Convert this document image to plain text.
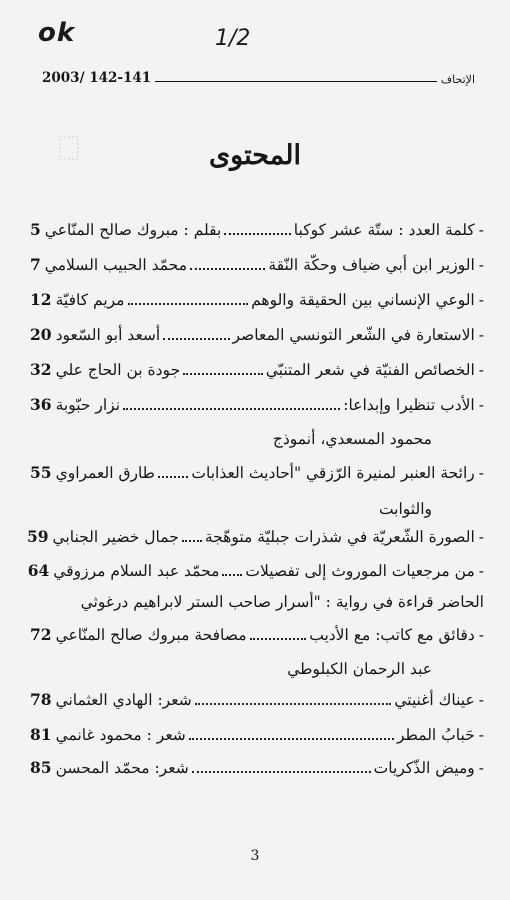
ok	1/2
2003/ 142-141	الإتحاف
المحتوى
-
كلمة العدد : ستّة عشر كوكبا
بقلم : مبروك صالح المنّاعي
5
-
الوزير ابن أبي ضياف وحكّة النّقة
محمّد الحبيب السلامي
7
-
الوعي الإنساني بين الحقيقة والوهم
مريم كافيّة
12
-
الاستعارة في الشّعر التونسي المعاصر
أسعد أبو السّعود
20
-
الخصائص الفنيّة في شعر المتنبّي
جودة بن الحاج علي
32
-
الأدب تنظيرا وإبداعا:
نزار حبّوبة
36
محمود المسعدي، أنموذج
-
رائحة العنبر لمنيرة الرّزقي "أحاديث العذابات
طارق العمراوي
55
والثوابت
-
الصورة الشّعريّة في شذرات جبليّة متوهّجة
جمال خضير الجنابي
59
-
من مرجعيات الموروث إلى تفصيلات
محمّد عبد السلام مرزوقي
64
الحاضر قراءة في رواية : "أسرار صاحب الستر لابراهيم درغوثي
-
دقائق مع كاتب: مع الأديب
مصافحة مبروك صالح المنّاعي
72
عبد الرحمان الكبلوطي
-
عيناك أغنيتي
شعر: الهادي العثماني
78
-
حَبابُ المطر
شعر : محمود غانمي
81
-
وميض الذّكريات
شعر: محمّد المحسن
85
3
